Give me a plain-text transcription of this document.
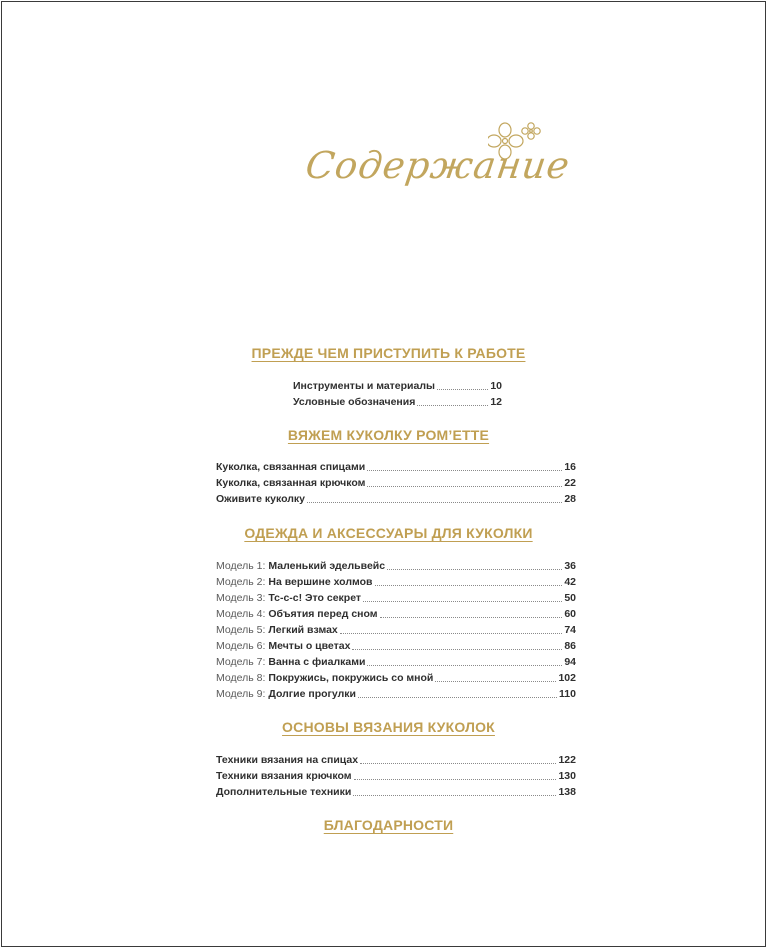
Содержание
ПРЕЖДЕ ЧЕМ ПРИСТУПИТЬ К РАБОТЕ
Инструменты и материалы	10
Условные обозначения	12
ВЯЖЕМ КУКОЛКУ РОМ’ЕТТЕ
Куколка, связанная спицами	16
Куколка, связанная крючком	22
Оживите куколку	28
ОДЕЖДА И АКСЕССУАРЫ ДЛЯ КУКОЛКИ
Модель 1: Маленький эдельвейс	36
Модель 2: На вершине холмов	42
Модель 3: Тс-с-с! Это секрет	50
Модель 4: Объятия перед сном	60
Модель 5: Легкий взмах	74
Модель 6: Мечты о цветах	86
Модель 7: Ванна с фиалками	94
Модель 8: Покружись, покружись со мной	102
Модель 9: Долгие прогулки	110
ОСНОВЫ ВЯЗАНИЯ КУКОЛОК
Техники вязания на спицах	122
Техники вязания крючком	130
Дополнительные техники	138
БЛАГОДАРНОСТИ
